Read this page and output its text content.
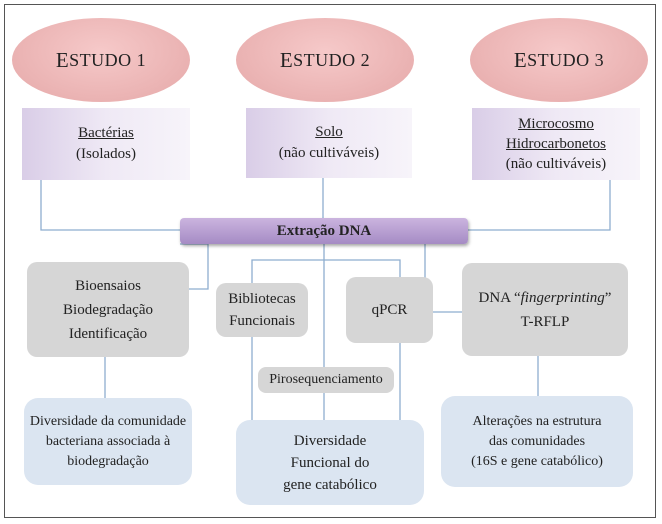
E STUDO 1	E STUDO 2	E STUDO 3
Bactérias
(Isolados)
Solo
(não cultiváveis)
Microcosmo
Hidrocarbonetos
(não cultiváveis)
Extração DNA
Bioensaios
Biodegradação
Identificação
Bibliotecas
Funcionais
qPCR
Pirosequenciamento
DNA “fingerprinting”
T-RFLP
Diversidade da comunidade
bacteriana associada à
biodegradação
Diversidade
Funcional do
gene catabólico
Alterações na estrutura
das comunidades
(16S e gene catabólico)
